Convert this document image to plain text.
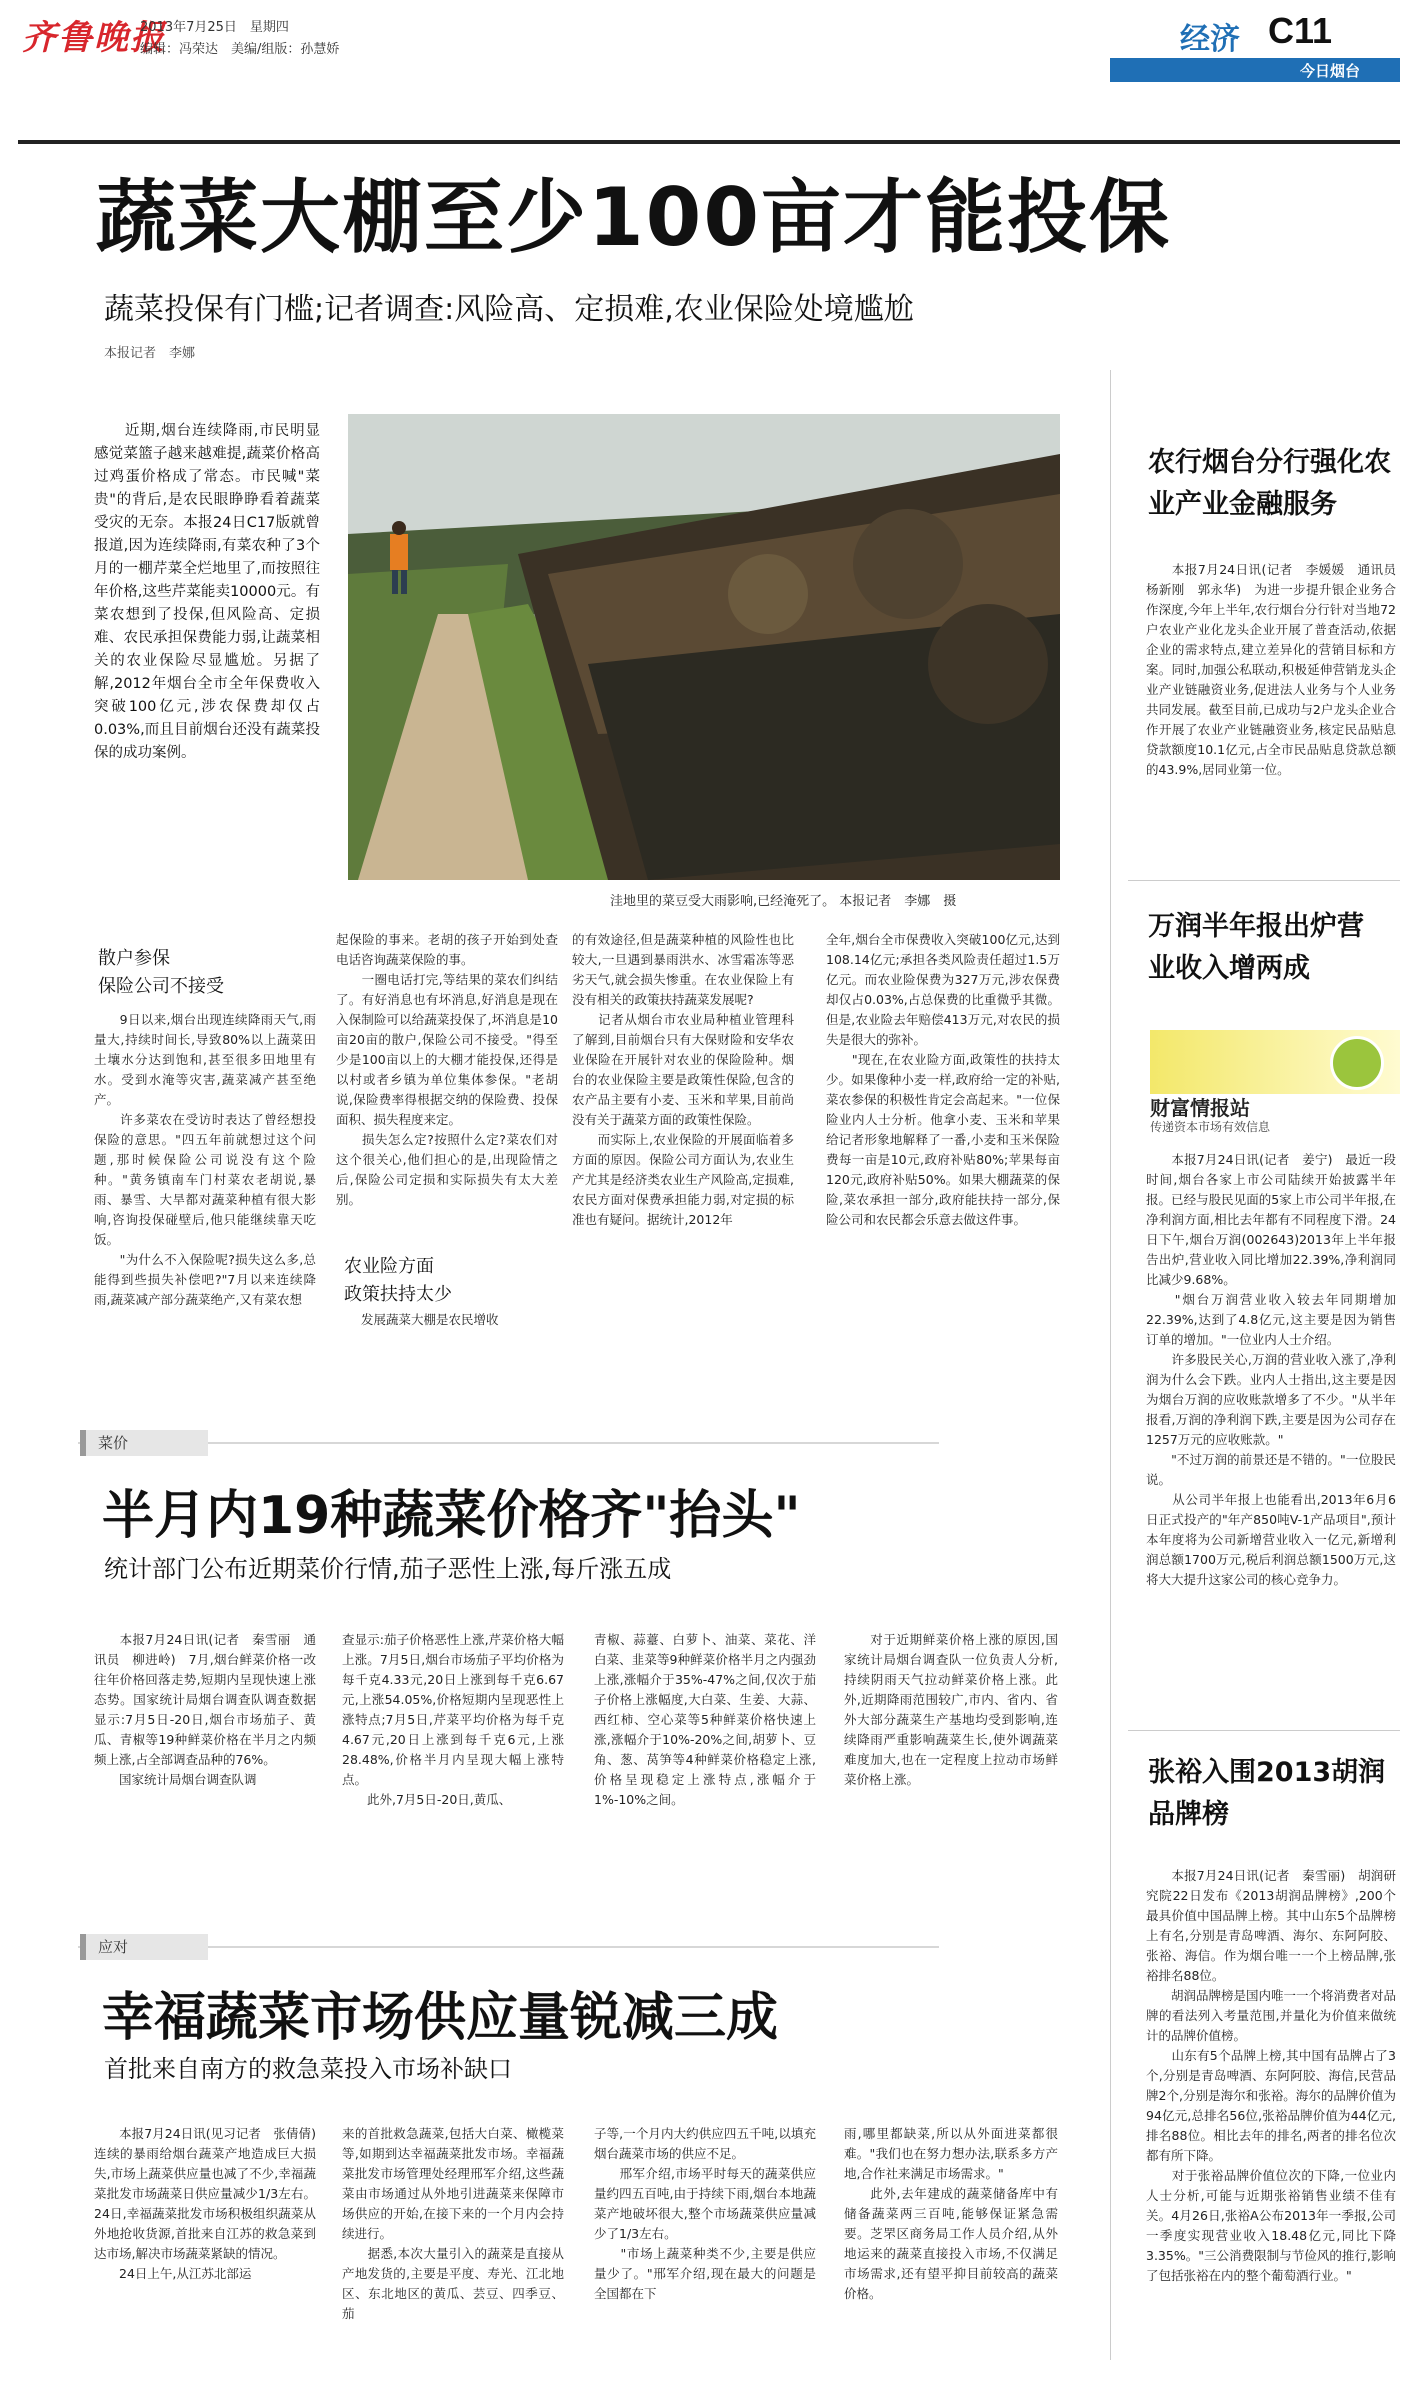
齐鲁晚报
2013年7月25日　星期四
编辑：冯荣达　美编/组版：孙慧娇	经济 C11
今日烟台
蔬菜大棚至少100亩才能投保
蔬菜投保有门槛;记者调查:风险高、定损难,农业保险处境尴尬
本报记者　李娜
　　近期,烟台连续降雨,市民明显感觉菜篮子越来越难提,蔬菜价格高过鸡蛋价格成了常态。市民喊"菜贵"的背后,是农民眼睁睁看着蔬菜受灾的无奈。本报24日C17版就曾报道,因为连续降雨,有菜农种了3个月的一棚芹菜全烂地里了,而按照往年价格,这些芹菜能卖10000元。有菜农想到了投保,但风险高、定损难、农民承担保费能力弱,让蔬菜相关的农业保险尽显尴尬。另据了解,2012年烟台全市全年保费收入突破100亿元,涉农保费却仅占0.03%,而且目前烟台还没有蔬菜投保的成功案例。
洼地里的菜豆受大雨影响,已经淹死了。 本报记者　李娜　摄
散户参保
保险公司不接受
　　9日以来,烟台出现连续降雨天气,雨量大,持续时间长,导致80%以上蔬菜田土壤水分达到饱和,甚至很多田地里有水。受到水淹等灾害,蔬菜减产甚至绝产。
　　许多菜农在受访时表达了曾经想投保险的意思。"四五年前就想过这个问题,那时候保险公司说没有这个险种。"黄务镇南车门村菜农老胡说,暴雨、暴雪、大旱都对蔬菜种植有很大影响,咨询投保碰壁后,他只能继续靠天吃饭。
　　"为什么不入保险呢?损失这么多,总能得到些损失补偿吧?"7月以来连续降雨,蔬菜减产部分蔬菜绝产,又有菜农想
起保险的事来。老胡的孩子开始到处查电话咨询蔬菜保险的事。
　　一圈电话打完,等结果的菜农们纠结了。有好消息也有坏消息,好消息是现在入保制险可以给蔬菜投保了,坏消息是10亩20亩的散户,保险公司不接受。"得至少是100亩以上的大棚才能投保,还得是以村或者乡镇为单位集体参保。"老胡说,保险费率得根据交纳的保险费、投保面积、损失程度来定。
　　损失怎么定?按照什么定?菜农们对这个很关心,他们担心的是,出现险情之后,保险公司定损和实际损失有太大差别。
农业险方面
政策扶持太少
　　发展蔬菜大棚是农民增收
的有效途径,但是蔬菜种植的风险性也比较大,一旦遇到暴雨洪水、冰雪霜冻等恶劣天气,就会损失惨重。在农业保险上有没有相关的政策扶持蔬菜发展呢?
　　记者从烟台市农业局种植业管理科了解到,目前烟台只有大保财险和安华农业保险在开展针对农业的保险险种。烟台的农业保险主要是政策性保险,包含的农产品主要有小麦、玉米和苹果,目前尚没有关于蔬菜方面的政策性保险。
　　而实际上,农业保险的开展面临着多方面的原因。保险公司方面认为,农业生产尤其是经济类农业生产风险高,定损难,农民方面对保费承担能力弱,对定损的标准也有疑问。据统计,2012年
全年,烟台全市保费收入突破100亿元,达到108.14亿元;承担各类风险责任超过1.5万亿元。而农业险保费为327万元,涉农保费却仅占0.03%,占总保费的比重微乎其微。但是,农业险去年赔偿413万元,对农民的损失是很大的弥补。
　　"现在,在农业险方面,政策性的扶持太少。如果像种小麦一样,政府给一定的补贴,菜农参保的积极性肯定会高起来。"一位保险业内人士分析。他拿小麦、玉米和苹果给记者形象地解释了一番,小麦和玉米保险费每一亩是10元,政府补贴80%;苹果每亩120元,政府补贴50%。如果大棚蔬菜的保险,菜农承担一部分,政府能扶持一部分,保险公司和农民都会乐意去做这件事。
菜价
半月内19种蔬菜价格齐"抬头"
统计部门公布近期菜价行情,茄子恶性上涨,每斤涨五成
　　本报7月24日讯(记者　秦雪丽　通讯员　柳进岭)　7月,烟台鲜菜价格一改往年价格回落走势,短期内呈现快速上涨态势。国家统计局烟台调查队调查数据显示:7月5日-20日,烟台市场茄子、黄瓜、青椒等19种鲜菜价格在半月之内频频上涨,占全部调查品种的76%。
　　国家统计局烟台调查队调
查显示:茄子价格恶性上涨,芹菜价格大幅上涨。7月5日,烟台市场茄子平均价格为每千克4.33元,20日上涨到每千克6.67元,上涨54.05%,价格短期内呈现恶性上涨特点;7月5日,芹菜平均价格为每千克4.67元,20日上涨到每千克6元,上涨28.48%,价格半月内呈现大幅上涨特点。
　　此外,7月5日-20日,黄瓜、
青椒、蒜薹、白萝卜、油菜、菜花、洋白菜、韭菜等9种鲜菜价格半月之内强劲上涨,涨幅介于35%-47%之间,仅次于茄子价格上涨幅度,大白菜、生姜、大蒜、西红柿、空心菜等5种鲜菜价格快速上涨,涨幅介于10%-20%之间,胡萝卜、豆角、葱、莴笋等4种鲜菜价格稳定上涨,价格呈现稳定上涨特点,涨幅介于1%-10%之间。
　　对于近期鲜菜价格上涨的原因,国家统计局烟台调查队一位负责人分析,持续阴雨天气拉动鲜菜价格上涨。此外,近期降雨范围较广,市内、省内、省外大部分蔬菜生产基地均受到影响,连续降雨严重影响蔬菜生长,使外调蔬菜难度加大,也在一定程度上拉动市场鲜菜价格上涨。
应对
幸福蔬菜市场供应量锐减三成
首批来自南方的救急菜投入市场补缺口
　　本报7月24日讯(见习记者　张倩倩)　连续的暴雨给烟台蔬菜产地造成巨大损失,市场上蔬菜供应量也减了不少,幸福蔬菜批发市场蔬菜日供应量减少1/3左右。24日,幸福蔬菜批发市场积极组织蔬菜从外地抢收货源,首批来自江苏的救急菜到达市场,解决市场蔬菜紧缺的情况。
　　24日上午,从江苏北部运
来的首批救急蔬菜,包括大白菜、橄榄菜等,如期到达幸福蔬菜批发市场。幸福蔬菜批发市场管理处经理邢军介绍,这些蔬菜由市场通过从外地引进蔬菜来保障市场供应的开始,在接下来的一个月内会持续进行。
　　据悉,本次大量引入的蔬菜是直接从产地发货的,主要是平度、寿光、江北地区、东北地区的黄瓜、芸豆、四季豆、茄
子等,一个月内大约供应四五千吨,以填充烟台蔬菜市场的供应不足。
　　邢军介绍,市场平时每天的蔬菜供应量约四五百吨,由于持续下雨,烟台本地蔬菜产地破坏很大,整个市场蔬菜供应量减少了1/3左右。
　　"市场上蔬菜种类不少,主要是供应量少了。"邢军介绍,现在最大的问题是全国都在下
雨,哪里都缺菜,所以从外面进菜都很难。"我们也在努力想办法,联系多方产地,合作社来满足市场需求。"
　　此外,去年建成的蔬菜储备库中有储备蔬菜两三百吨,能够保证紧急需要。芝罘区商务局工作人员介绍,从外地运来的蔬菜直接投入市场,不仅满足市场需求,还有望平抑目前较高的蔬菜价格。
农行烟台分行强化农业产业金融服务
　　本报7月24日讯(记者　李媛媛　通讯员　杨新刚　郭永华)　为进一步提升银企业务合作深度,今年上半年,农行烟台分行针对当地72户农业产业化龙头企业开展了普查活动,依据企业的需求特点,建立差异化的营销目标和方案。同时,加强公私联动,积极延伸营销龙头企业产业链融资业务,促进法人业务与个人业务共同发展。截至目前,已成功与2户龙头企业合作开展了农业产业链融资业务,核定民品贴息贷款额度10.1亿元,占全市民品贴息贷款总额的43.9%,居同业第一位。
万润半年报出炉营业收入增两成
财富情报站
传递资本市场有效信息
　　本报7月24日讯(记者　姜宁)　最近一段时间,烟台各家上市公司陆续开始披露半年报。已经与股民见面的5家上市公司半年报,在净利润方面,相比去年都有不同程度下滑。24日下午,烟台万润(002643)2013年上半年报告出炉,营业收入同比增加22.39%,净利润同比减少9.68%。
　　"烟台万润营业收入较去年同期增加22.39%,达到了4.8亿元,这主要是因为销售订单的增加。"一位业内人士介绍。
　　许多股民关心,万润的营业收入涨了,净利润为什么会下跌。业内人士指出,这主要是因为烟台万润的应收账款增多了不少。"从半年报看,万润的净利润下跌,主要是因为公司存在1257万元的应收账款。"
　　"不过万润的前景还是不错的。"一位股民说。
　　从公司半年报上也能看出,2013年6月6日正式投产的"年产850吨V-1产品项目",预计本年度将为公司新增营业收入一亿元,新增利润总额1700万元,税后利润总额1500万元,这将大大提升这家公司的核心竞争力。
张裕入围2013胡润品牌榜
　　本报7月24日讯(记者　秦雪丽)　胡润研究院22日发布《2013胡润品牌榜》,200个最具价值中国品牌上榜。其中山东5个品牌榜上有名,分别是青岛啤酒、海尔、东阿阿胶、张裕、海信。作为烟台唯一一个上榜品牌,张裕排名88位。
　　胡润品牌榜是国内唯一一个将消费者对品牌的看法列入考量范围,并量化为价值来做统计的品牌价值榜。
　　山东有5个品牌上榜,其中国有品牌占了3个,分别是青岛啤酒、东阿阿胶、海信,民营品牌2个,分别是海尔和张裕。海尔的品牌价值为94亿元,总排名56位,张裕品牌价值为44亿元,排名88位。相比去年的排名,两者的排名位次都有所下降。
　　对于张裕品牌价值位次的下降,一位业内人士分析,可能与近期张裕销售业绩不佳有关。4月26日,张裕A公布2013年一季报,公司一季度实现营业收入18.48亿元,同比下降3.35%。"三公消费限制与节俭风的推行,影响了包括张裕在内的整个葡萄酒行业。"
